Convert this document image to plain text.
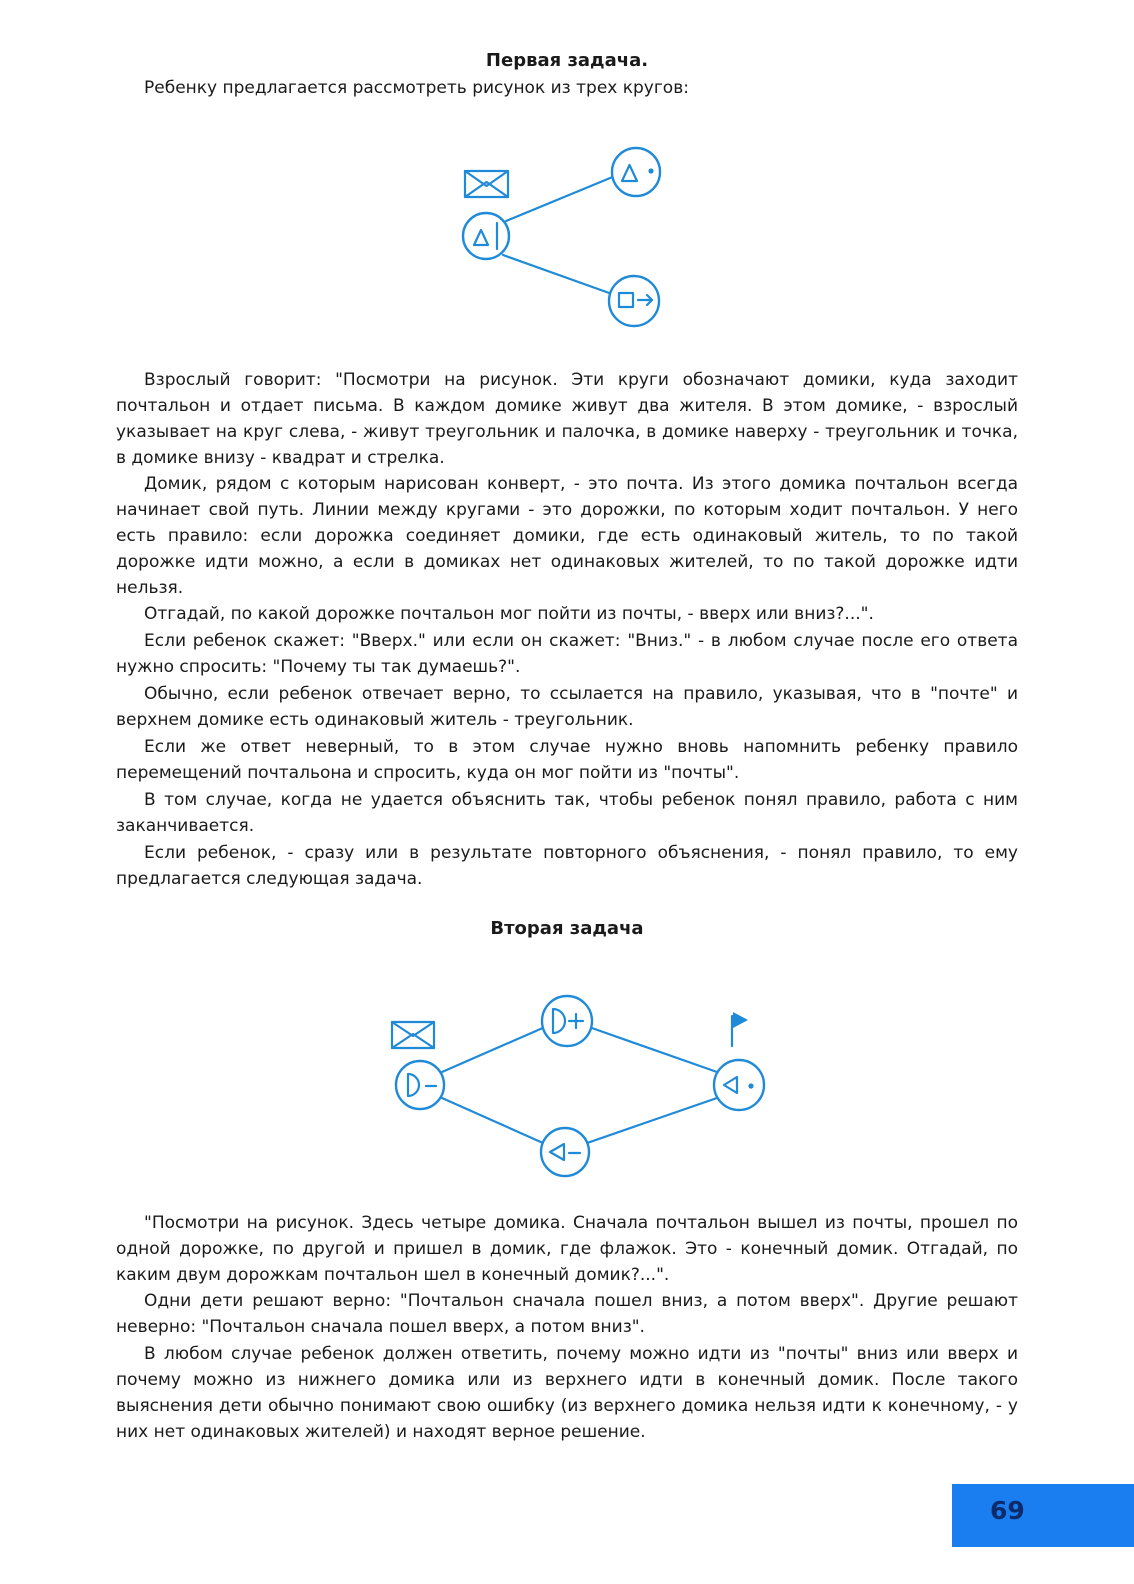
Первая задача.

Ребенку предлагается рассмотреть рисунок из трех кругов:

Взрослый говорит: "Посмотри на рисунок. Эти круги обозначают домики, куда заходит почтальон и отдает письма. В каждом домике живут два жителя. В этом домике, - взрослый указывает на круг слева, - живут треугольник и палочка, в домике наверху - треугольник и точка, в домике внизу - квадрат и стрелка.

Домик, рядом с которым нарисован конверт, - это почта. Из этого домика почтальон всегда начинает свой путь. Линии между кругами - это дорожки, по которым ходит почтальон. У него есть правило: если дорожка соединяет домики, где есть одинаковый житель, то по такой дорожке идти можно, а если в домиках нет одинаковых жителей, то по такой дорожке идти нельзя.

Отгадай, по какой дорожке почтальон мог пойти из почты, - вверх или вниз?...".

Если ребенок скажет: "Вверх." или если он скажет: "Вниз." - в любом случае после его ответа нужно спросить: "Почему ты так думаешь?".

Обычно, если ребенок отвечает верно, то ссылается на правило, указывая, что в "почте" и верхнем домике есть одинаковый житель - треугольник.

Если же ответ неверный, то в этом случае нужно вновь напомнить ребенку правило перемещений почтальона и спросить, куда он мог пойти из "почты".

В том случае, когда не удается объяснить так, чтобы ребенок понял правило, работа с ним заканчивается.

Если ребенок, - сразу или в результате повторного объяснения, - понял правило, то ему предлагается следующая задача.

Вторая задача

"Посмотри на рисунок. Здесь четыре домика. Сначала почтальон вышел из почты, прошел по одной дорожке, по другой и пришел в домик, где флажок. Это - конечный домик. Отгадай, по каким двум дорожкам почтальон шел в конечный домик?...".

Одни дети решают верно: "Почтальон сначала пошел вниз, а потом вверх". Другие решают неверно: "Почтальон сначала пошел вверх, а потом вниз".

В любом случае ребенок должен ответить, почему можно идти из "почты" вниз или вверх и почему можно из нижнего домика или из верхнего идти в конечный домик. После такого выяснения дети обычно понимают свою ошибку (из верхнего домика нельзя идти к конечному, - у них нет одинаковых жителей) и находят верное решение.

69
